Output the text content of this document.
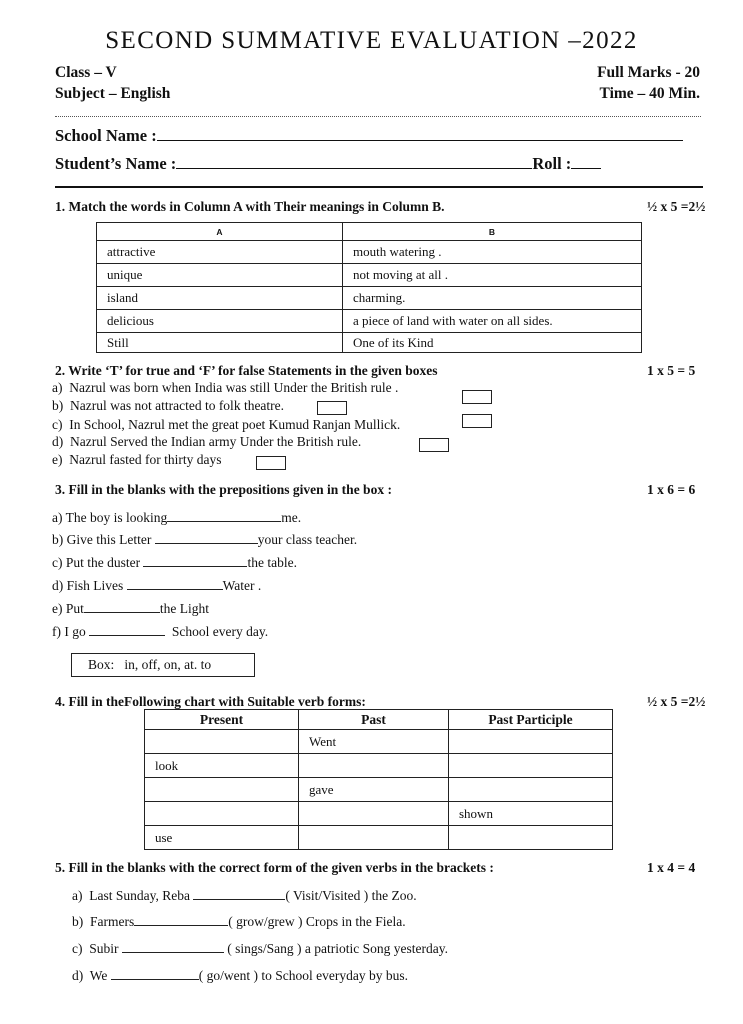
SECOND SUMMATIVE EVALUATION –2022
Class – V
Subject – English
Full Marks - 20
Time – 40 Min.
School Name :
Student’s Name :	Roll :
1. Match the words in Column A with Their meanings in Column B.	½ x 5 =2½
A	B
attractive	mouth watering .
unique	not moving at all .
island	charming.
delicious	a piece of land with water on all sides.
Still	One of its Kind
2. Write ‘T’ for true and ‘F’ for false Statements in the given boxes	1 x 5 = 5
a) Nazrul was born when India was still Under the British rule .
b) Nazrul was not attracted to folk theatre.
c) In School, Nazrul met the great poet Kumud Ranjan Mullick.
d) Nazrul Served the Indian army Under the British rule.
e) Nazrul fasted for thirty days
3. Fill in the blanks with the prepositions given in the box :	1 x 6 = 6
a) The boy is looking	me.
b) Give this Letter	your class teacher.
c) Put the duster	the table.
d) Fish Lives	Water .
e) Put	the Light
f) I go	School every day.
Box: in, off, on, at. to
4. Fill in theFollowing chart with Suitable verb forms:	½ x 5 =2½
Present	Past	Past Participle
	Went	
look		
	gave	
		shown
use		
5. Fill in the blanks with the correct form of the given verbs in the brackets :	1 x 4 = 4
a) Last Sunday, Reba	( Visit/Visited ) the Zoo.
b) Farmers	( grow/grew ) Crops in the Fiela.
c) Subir	( sings/Sang ) a patriotic Song yesterday.
d) We	( go/went ) to School everyday by bus.
